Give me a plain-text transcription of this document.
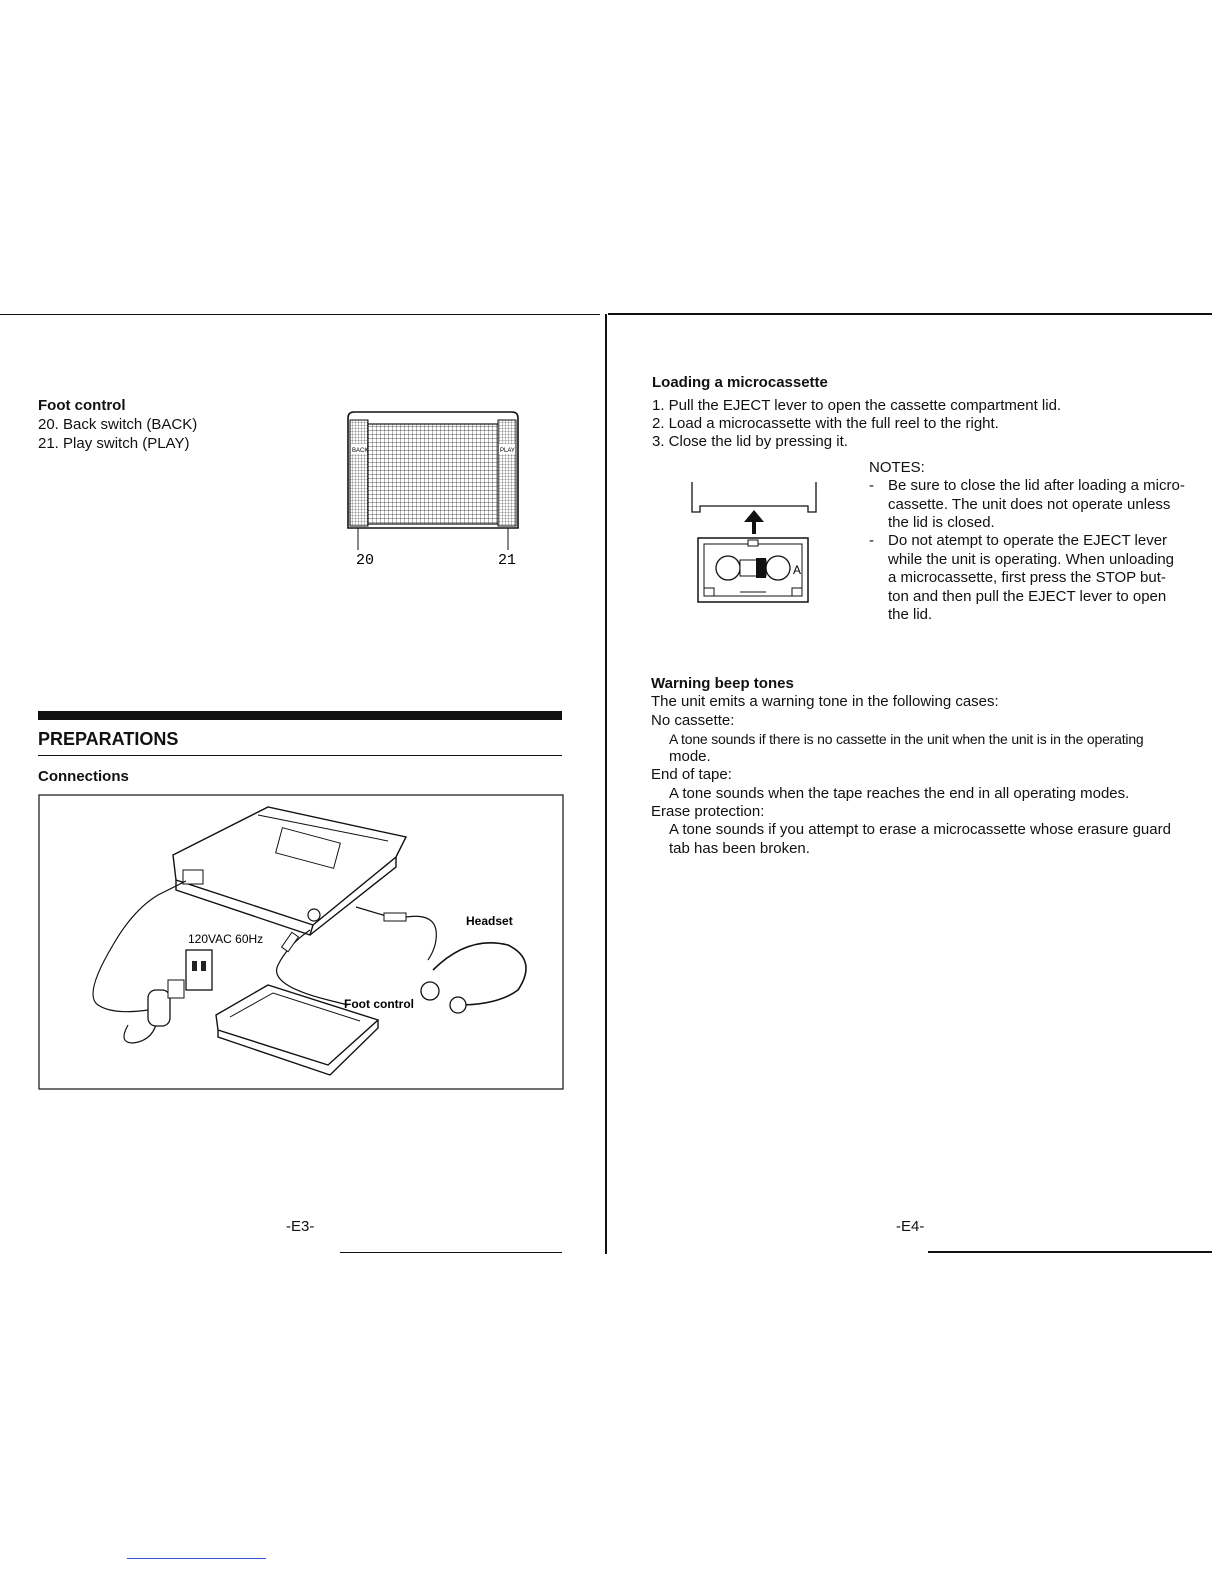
Foot control
20. Back switch (BACK)
21. Play switch (PLAY)	BACK	PLAY
20	21
PREPARATIONS
Connections
120VAC 60Hz
Foot control
Headset
-E3-
Loading a microcassette
1. Pull the EJECT lever to open the cassette compartment lid.
2. Load a microcassette with the full reel to the right.
3. Close the lid by pressing it.
A
NOTES:
- Be sure to close the lid after loading a micro-
cassette. The unit does not operate unless
the lid is closed.
- Do not atempt to operate the EJECT lever
while the unit is operating. When unloading
a microcassette, first press the STOP but-
ton and then pull the EJECT lever to open
the lid.
Warning beep tones
The unit emits a warning tone in the following cases:
No cassette:
A tone sounds if there is no cassette in the unit when the unit is in the operating
mode.
End of tape:
A tone sounds when the tape reaches the end in all operating modes.
Erase protection:
A tone sounds if you attempt to erase a microcassette whose erasure guard
tab has been broken.
-E4-
